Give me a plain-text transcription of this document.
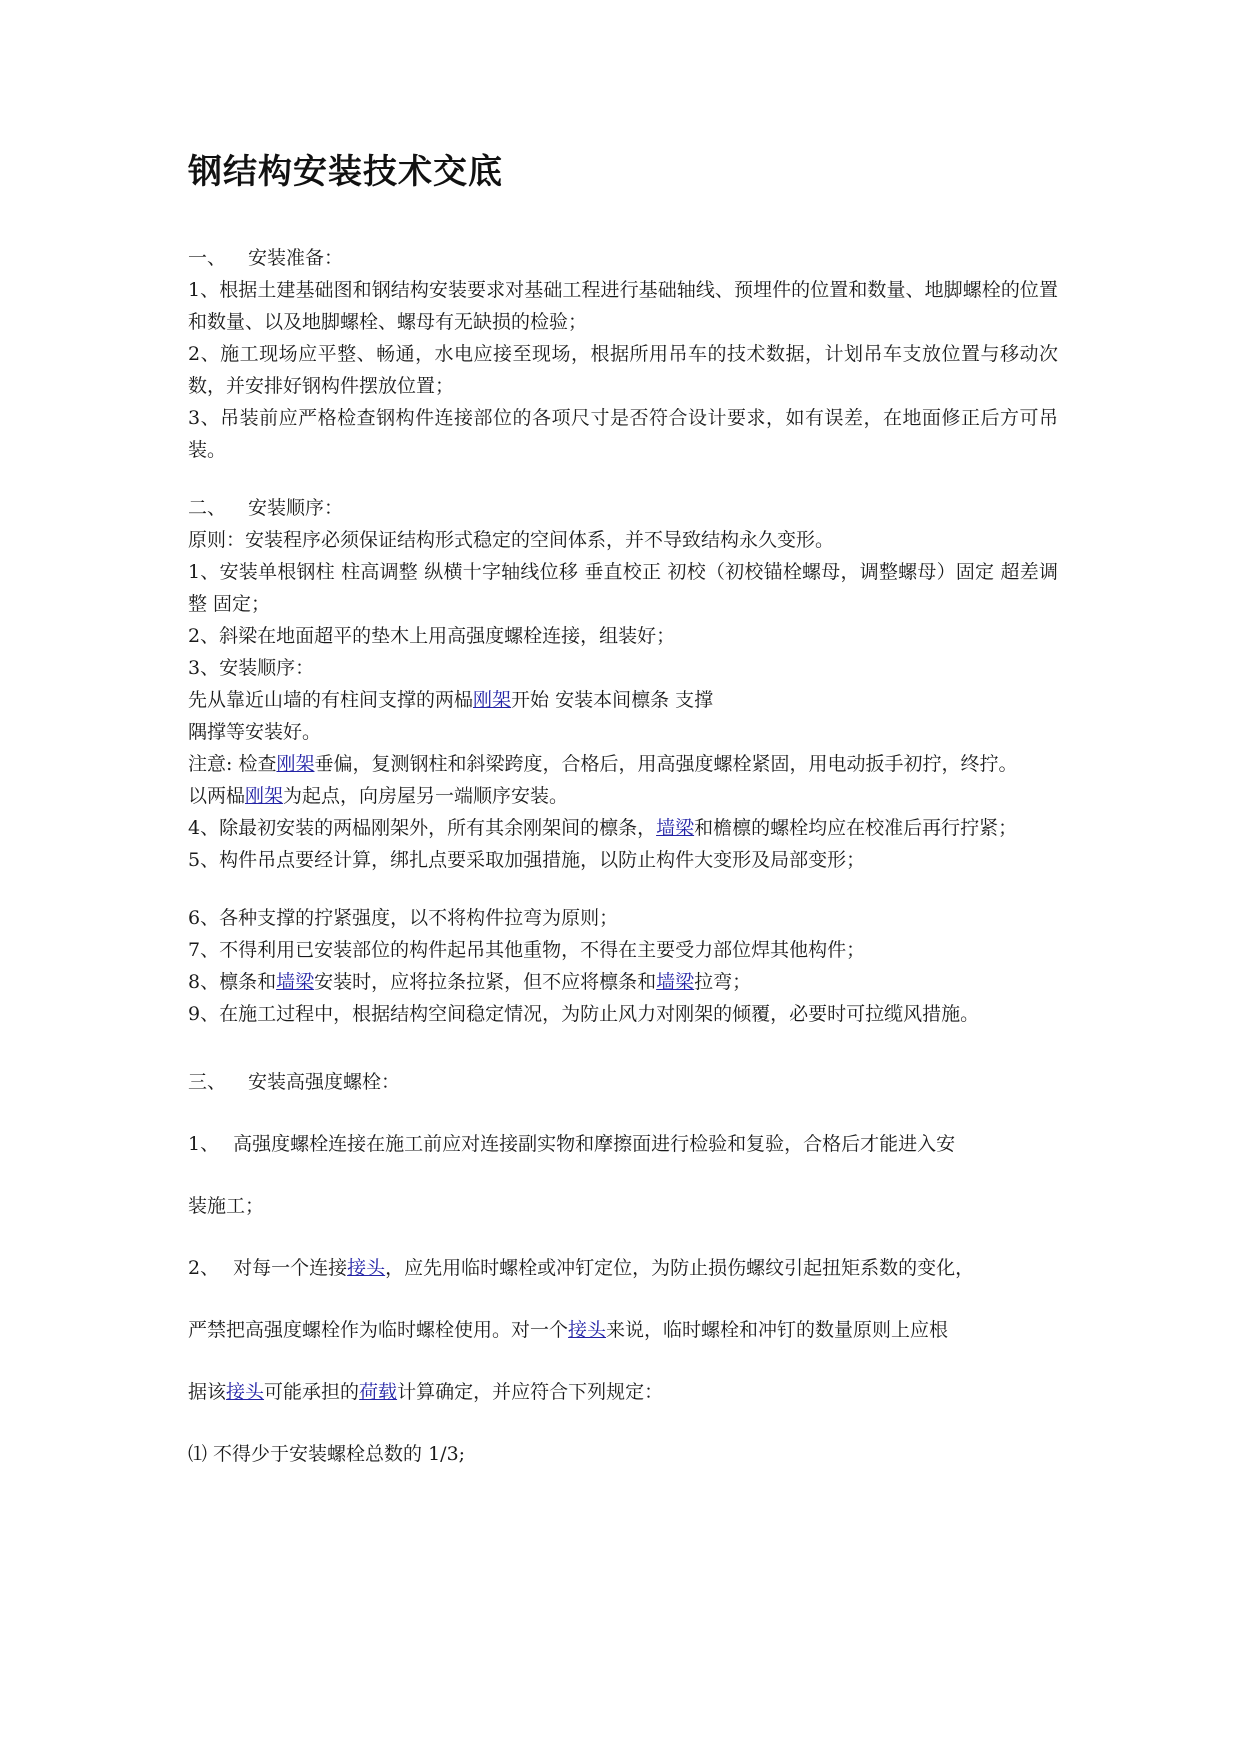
钢结构安装技术交底

一、 安装准备：

1、根据土建基础图和钢结构安装要求对基础工程进行基础轴线、预埋件的位置和数量、地脚螺栓的位置和数量、以及地脚螺栓、螺母有无缺损的检验；

2、施工现场应平整、畅通，水电应接至现场，根据所用吊车的技术数据，计划吊车支放位置与移动次数，并安排好钢构件摆放位置；

3、吊装前应严格检查钢构件连接部位的各项尺寸是否符合设计要求，如有误差，在地面修正后方可吊装。

二、 安装顺序：

原则：安装程序必须保证结构形式稳定的空间体系，并不导致结构永久变形。

1、安装单根钢柱 柱高调整 纵横十字轴线位移 垂直校正 初校（初校锚栓螺母，调整螺母）固定 超差调整 固定；

2、斜梁在地面超平的垫木上用高强度螺栓连接，组装好；

3、安装顺序：

先从靠近山墙的有柱间支撑的两榀刚架开始 安装本间檩条 支撑

隅撑等安装好。

注意: 检查刚架垂偏，复测钢柱和斜梁跨度，合格后，用高强度螺栓紧固，用电动扳手初拧，终拧。

以两榀刚架为起点，向房屋另一端顺序安装。

4、除最初安装的两榀刚架外，所有其余刚架间的檩条，墙梁和檐檩的螺栓均应在校准后再行拧紧；

5、构件吊点要经计算，绑扎点要采取加强措施，以防止构件大变形及局部变形；

6、各种支撑的拧紧强度，以不将构件拉弯为原则；

7、不得利用已安装部位的构件起吊其他重物，不得在主要受力部位焊其他构件；

8、檩条和墙梁安装时，应将拉条拉紧，但不应将檩条和墙梁拉弯；

9、在施工过程中，根据结构空间稳定情况，为防止风力对刚架的倾覆，必要时可拉缆风措施。

三、 安装高强度螺栓：

1、 高强度螺栓连接在施工前应对连接副实物和摩擦面进行检验和复验，合格后才能进入安

装施工；

2、 对每一个连接接头，应先用临时螺栓或冲钉定位，为防止损伤螺纹引起扭矩系数的变化，

严禁把高强度螺栓作为临时螺栓使用。对一个接头来说，临时螺栓和冲钉的数量原则上应根

据该接头可能承担的荷载计算确定，并应符合下列规定：

⑴ 不得少于安装螺栓总数的 1/3;
